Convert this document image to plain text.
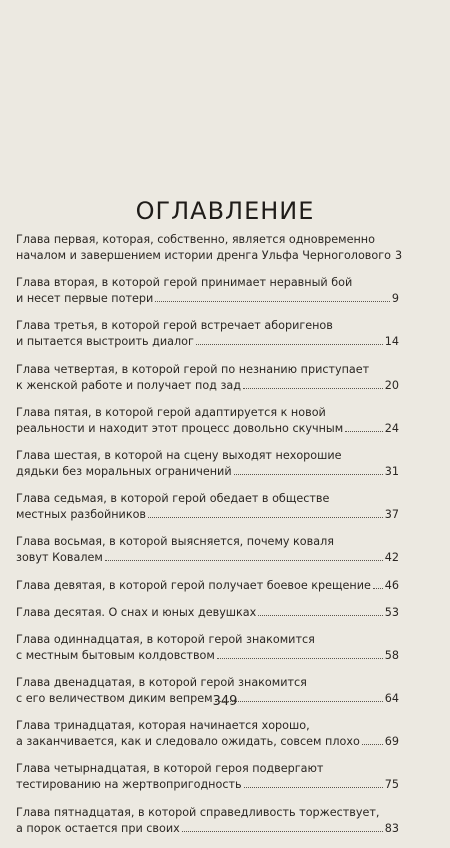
ОГЛАВЛЕНИЕ
Глава первая, которая, собственно, является одновременно
началом и завершением истории дренга Ульфа Черноголового 3
Глава вторая, в которой герой принимает неравный бой
и несет первые потери	9
Глава третья, в которой герой встречает аборигенов
и пытается выстроить диалог	14
Глава четвертая, в которой герой по незнанию приступает
к женской работе и получает под зад	20
Глава пятая, в которой герой адаптируется к новой
реальности и находит этот процесс довольно скучным	24
Глава шестая, в которой на сцену выходят нехорошие
дядьки без моральных ограничений	31
Глава седьмая, в которой герой обедает в обществе
местных разбойников	37
Глава восьмая, в которой выясняется, почему коваля
зовут Ковалем	42
Глава девятая, в которой герой получает боевое крещение 46
Глава десятая. О снах и юных девушках	53
Глава одиннадцатая, в которой герой знакомится
с местным бытовым колдовством	58
Глава двенадцатая, в которой герой знакомится
с его величеством диким вепрем	64
Глава тринадцатая, которая начинается хорошо,
а заканчивается, как и следовало ожидать, совсем плохо 69
Глава четырнадцатая, в которой героя подвергают
тестированию на жертвопригодность	75
Глава пятнадцатая, в которой справедливость торжествует,
а порок остается при своих	83
349
